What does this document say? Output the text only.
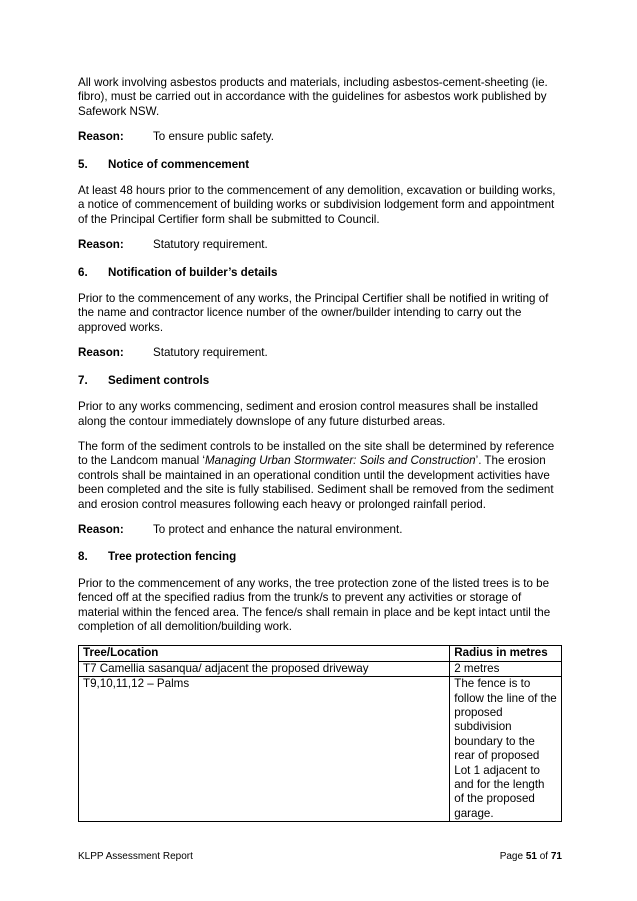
All work involving asbestos products and materials, including asbestos-cement-sheeting (ie. fibro), must be carried out in accordance with the guidelines for asbestos work published by Safework NSW.

Reason:	To ensure public safety.
5.	Notice of commencement

At least 48 hours prior to the commencement of any demolition, excavation or building works, a notice of commencement of building works or subdivision lodgement form and appointment of the Principal Certifier form shall be submitted to Council.

Reason:	Statutory requirement.
6.	Notification of builder’s details

Prior to the commencement of any works, the Principal Certifier shall be notified in writing of the name and contractor licence number of the owner/builder intending to carry out the approved works.

Reason:	Statutory requirement.
7.	Sediment controls

Prior to any works commencing, sediment and erosion control measures shall be installed along the contour immediately downslope of any future disturbed areas.

The form of the sediment controls to be installed on the site shall be determined by reference to the Landcom manual ‘Managing Urban Stormwater: Soils and Construction’. The erosion controls shall be maintained in an operational condition until the development activities have been completed and the site is fully stabilised. Sediment shall be removed from the sediment and erosion control measures following each heavy or prolonged rainfall period.

Reason:	To protect and enhance the natural environment.
8.	Tree protection fencing

Prior to the commencement of any works, the tree protection zone of the listed trees is to be fenced off at the specified radius from the trunk/s to prevent any activities or storage of material within the fenced area. The fence/s shall remain in place and be kept intact until the completion of all demolition/building work.

Tree/Location	Radius in metres
T7 Camellia sasanqua/ adjacent the proposed driveway	2 metres
T9,10,11,12 – Palms	The fence is to follow the line of the proposed subdivision boundary to the rear of proposed Lot 1 adjacent to and for the length of the proposed garage.
KLPP Assessment Report	Page 51 of 71
